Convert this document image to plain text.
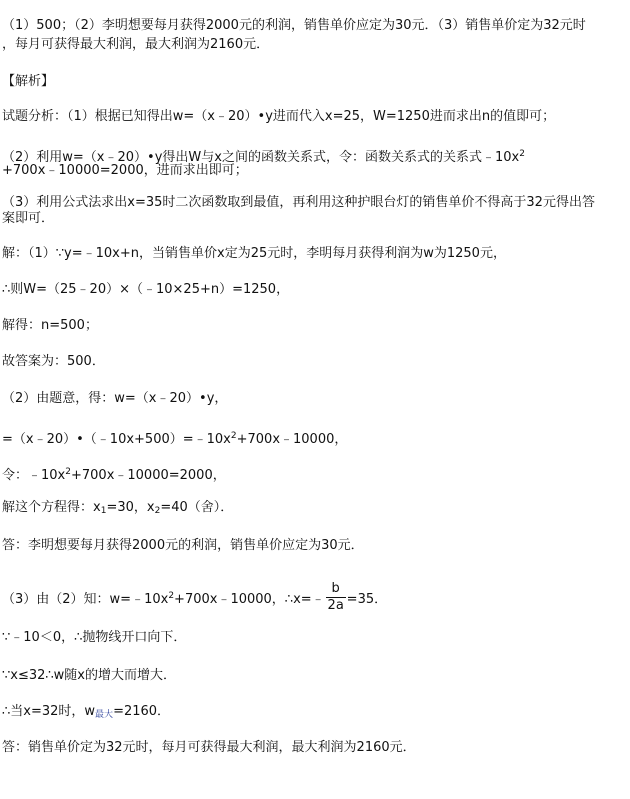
（1）500；（2）李明想要每月获得2000元的利润，销售单价应定为30元．（3）销售单价定为32元时
，每月可获得最大利润，最大利润为2160元．
【解析】
试题分析：（1）根据已知得出w=（x﹣20）•y进而代入x=25，W=1250进而求出n的值即可；
（2）利用w=（x﹣20）•y得出W与x之间的函数关系式，令：函数关系式的关系式$﹣10x^2$
+700x﹣10000=2000，进而求出即可；
（3）利用公式法求出x=35时二次函数取到最值，再利用这种护眼台灯的销售单价不得高于32元得出答
案即可．
解：（1）∵y=﹣10x+n，当销售单价x定为25元时，李明每月获得利润为w为1250元，
∴则W=（25﹣20）×（﹣10×25+n）=1250，
解得：n=500；
故答案为：500．
（2）由题意，得：w=（x﹣20）•y，
$=(x﹣20)•(﹣10x+500)=﹣10x^2+700x﹣10000$，
令：$﹣10x^2+700x﹣10000=2000$，
解这个方程得：$x_1=30$，$x_2=40$（舍）．
答：李明想要每月获得2000元的利润，销售单价应定为30元．
（3）由（2）知：$w=﹣10x^2+700x﹣10000$，∴x=﹣ $\frac{b}{2a} =35$．
∵﹣10＜0，∴抛物线开口向下．
∵x≤32∴w随x的增大而增大．
∴当x=32时，$w_{最大}=2160$．
答：销售单价定为32元时，每月可获得最大利润，最大利润为2160元．
